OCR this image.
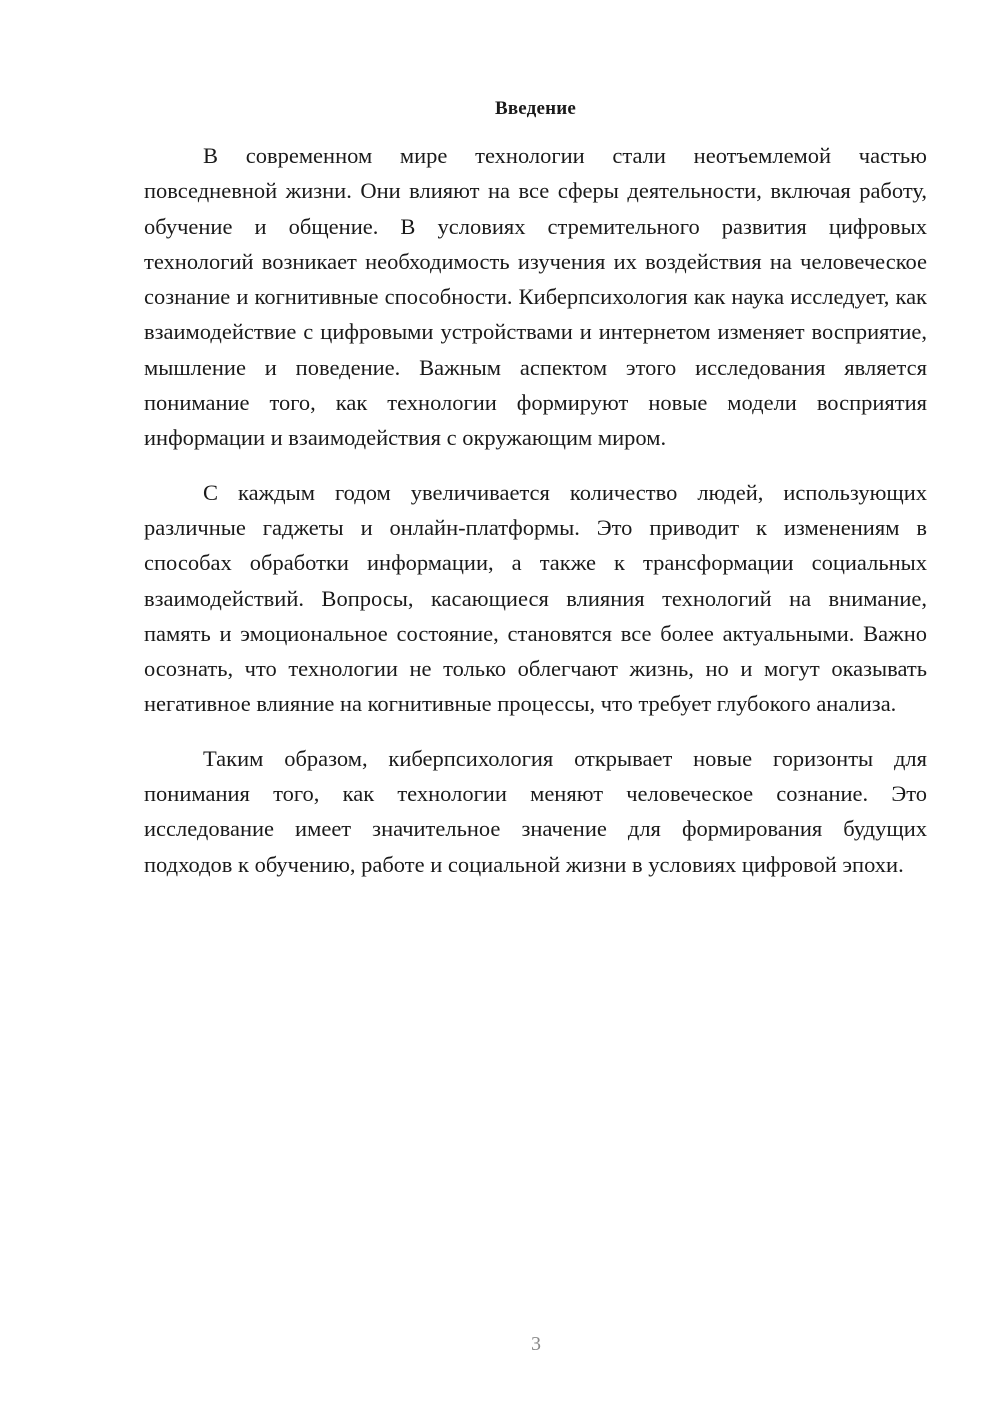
Введение

В современном мире технологии стали неотъемлемой частью повседневной жизни. Они влияют на все сферы деятельности, включая работу, обучение и общение. В условиях стремительного развития цифровых технологий возникает необходимость изучения их воздействия на человеческое сознание и когнитивные способности. Киберпсихология как наука исследует, как взаимодействие с цифровыми устройствами и интернетом изменяет восприятие, мышление и поведение. Важным аспектом этого исследования является понимание того, как технологии формируют новые модели восприятия информации и взаимодействия с окружающим миром.

С каждым годом увеличивается количество людей, использующих различные гаджеты и онлайн-платформы. Это приводит к изменениям в способах обработки информации, а также к трансформации социальных взаимодействий. Вопросы, касающиеся влияния технологий на внимание, память и эмоциональное состояние, становятся все более актуальными. Важно осознать, что технологии не только облегчают жизнь, но и могут оказывать негативное влияние на когнитивные процессы, что требует глубокого анализа.

Таким образом, киберпсихология открывает новые горизонты для понимания того, как технологии меняют человеческое сознание. Это исследование имеет значительное значение для формирования будущих подходов к обучению, работе и социальной жизни в условиях цифровой эпохи.

3
